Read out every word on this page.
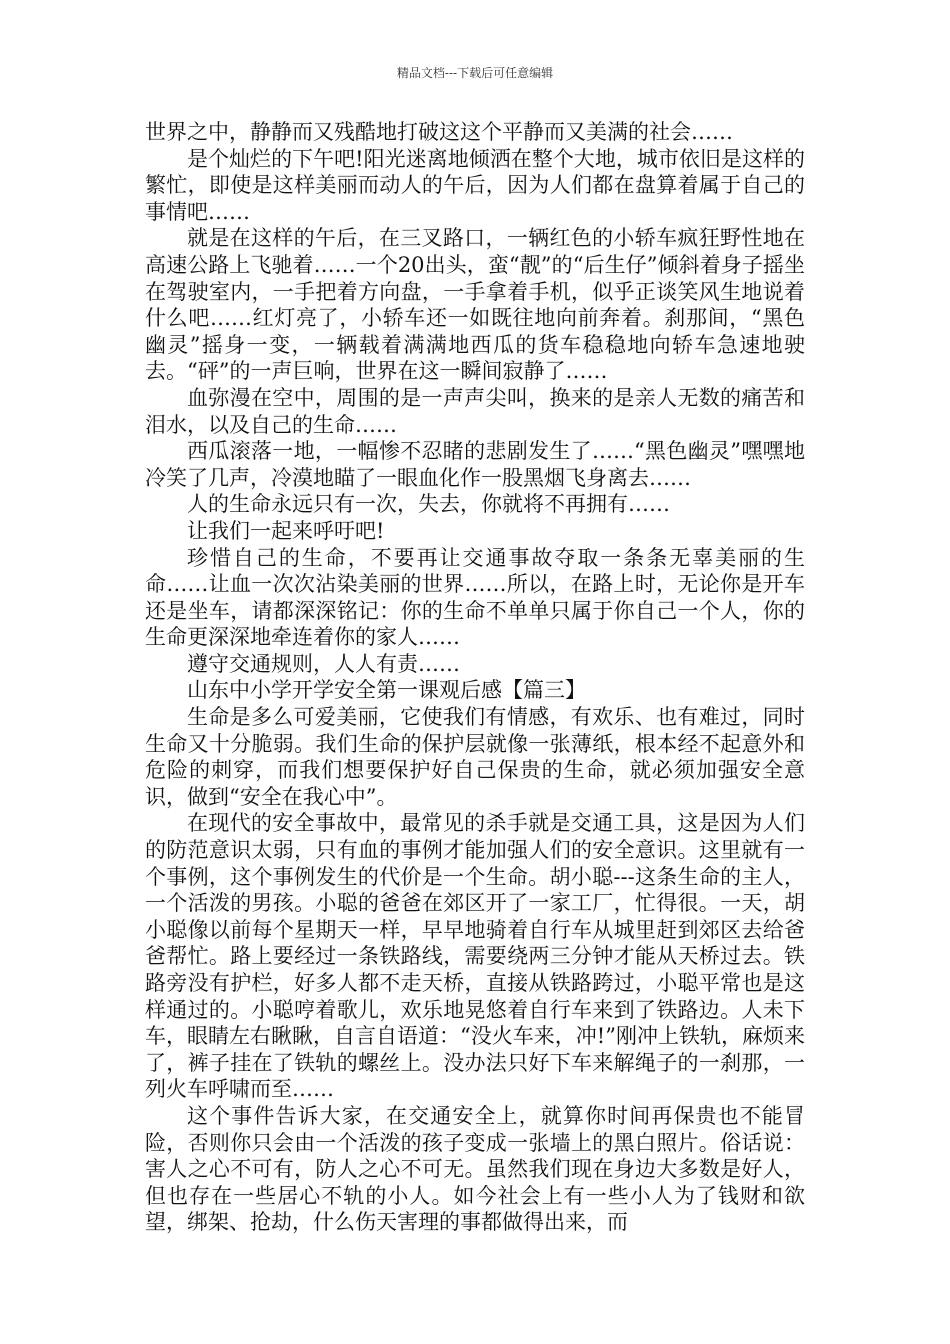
精品文档---下载后可任意编辑

世界之中，静静而又残酷地打破这这个平静而又美满的社会……

是个灿烂的下午吧!阳光迷离地倾洒在整个大地，城市依旧是这样的繁忙，即使是这样美丽而动人的午后，因为人们都在盘算着属于自己的事情吧……

就是在这样的午后，在三叉路口，一辆红色的小轿车疯狂野性地在高速公路上飞驰着……一个20出头，蛮“靓”的“后生仔”倾斜着身子摇坐在驾驶室内，一手把着方向盘，一手拿着手机，似乎正谈笑风生地说着什么吧……红灯亮了，小轿车还一如既往地向前奔着。刹那间，“黑色幽灵”摇身一变，一辆载着满满地西瓜的货车稳稳地向轿车急速地驶去。“砰”的一声巨响，世界在这一瞬间寂静了……

血弥漫在空中，周围的是一声声尖叫，换来的是亲人无数的痛苦和泪水，以及自己的生命……

西瓜滚落一地，一幅惨不忍睹的悲剧发生了……“黑色幽灵”嘿嘿地冷笑了几声，冷漠地瞄了一眼血化作一股黑烟飞身离去……

人的生命永远只有一次，失去，你就将不再拥有……

让我们一起来呼吁吧!

珍惜自己的生命，不要再让交通事故夺取一条条无辜美丽的生命……让血一次次沾染美丽的世界……所以，在路上时，无论你是开车还是坐车，请都深深铭记：你的生命不单单只属于你自己一个人，你的生命更深深地牵连着你的家人……

遵守交通规则，人人有责……

山东中小学开学安全第一课观后感【篇三】

生命是多么可爱美丽，它使我们有情感，有欢乐、也有难过，同时生命又十分脆弱。我们生命的保护层就像一张薄纸，根本经不起意外和危险的刺穿，而我们想要保护好自己保贵的生命，就必须加强安全意识，做到“安全在我心中”。

在现代的安全事故中，最常见的杀手就是交通工具，这是因为人们的防范意识太弱，只有血的事例才能加强人们的安全意识。这里就有一个事例，这个事例发生的代价是一个生命。胡小聪---这条生命的主人，一个活泼的男孩。小聪的爸爸在郊区开了一家工厂，忙得很。一天，胡小聪像以前每个星期天一样，早早地骑着自行车从城里赶到郊区去给爸爸帮忙。路上要经过一条铁路线，需要绕两三分钟才能从天桥过去。铁路旁没有护栏，好多人都不走天桥，直接从铁路跨过，小聪平常也是这样通过的。小聪哼着歌儿，欢乐地晃悠着自行车来到了铁路边。人未下车，眼睛左右瞅瞅，自言自语道：“没火车来，冲!”刚冲上铁轨，麻烦来了，裤子挂在了铁轨的螺丝上。没办法只好下车来解绳子的一刹那，一列火车呼啸而至……

这个事件告诉大家，在交通安全上，就算你时间再保贵也不能冒险，否则你只会由一个活泼的孩子变成一张墙上的黑白照片。俗话说：害人之心不可有，防人之心不可无。虽然我们现在身边大多数是好人，但也存在一些居心不轨的小人。如今社会上有一些小人为了钱财和欲望，绑架、抢劫，什么伤天害理的事都做得出来，而
